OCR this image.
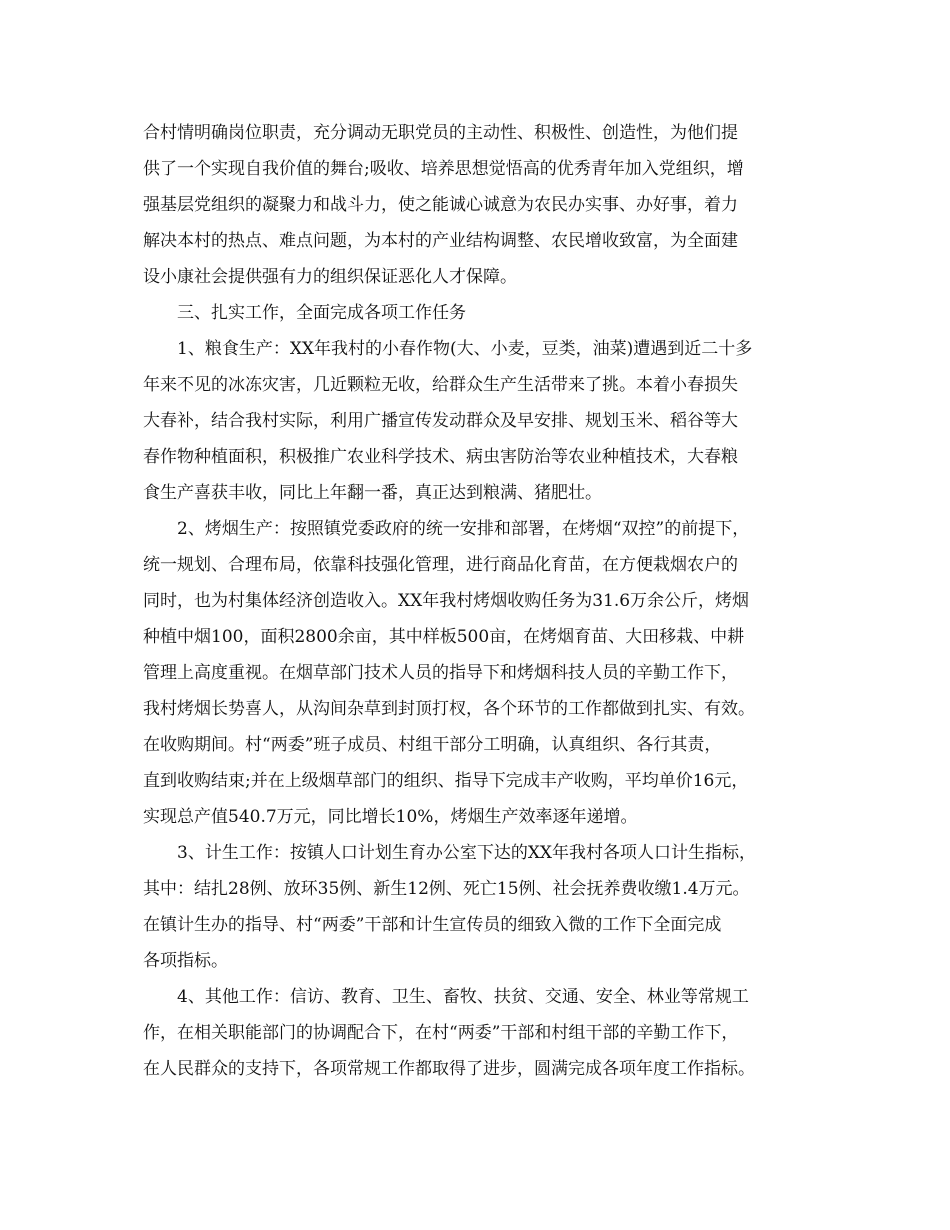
合村情明确岗位职责，充分调动无职党员的主动性、积极性、创造性，为他们提
供了一个实现自我价值的舞台;吸收、培养思想觉悟高的优秀青年加入党组织，增
强基层党组织的凝聚力和战斗力，使之能诚心诚意为农民办实事、办好事，着力
解决本村的热点、难点问题，为本村的产业结构调整、农民增收致富，为全面建
设小康社会提供强有力的组织保证恶化人才保障。
三、扎实工作，全面完成各项工作任务
1、粮食生产：XX年我村的小春作物(大、小麦，豆类，油菜)遭遇到近二十多
年来不见的冰冻灾害，几近颗粒无收，给群众生产生活带来了挑。本着小春损失
大春补，结合我村实际，利用广播宣传发动群众及早安排、规划玉米、稻谷等大
春作物种植面积，积极推广农业科学技术、病虫害防治等农业种植技术，大春粮
食生产喜获丰收，同比上年翻一番，真正达到粮满、猪肥壮。
2、烤烟生产：按照镇党委政府的统一安排和部署，在烤烟“双控”的前提下，
统一规划、合理布局，依靠科技强化管理，进行商品化育苗，在方便栽烟农户的
同时，也为村集体经济创造收入。XX年我村烤烟收购任务为31.6万余公斤，烤烟
种植中烟100，面积2800余亩，其中样板500亩，在烤烟育苗、大田移栽、中耕
管理上高度重视。在烟草部门技术人员的指导下和烤烟科技人员的辛勤工作下，
我村烤烟长势喜人，从沟间杂草到封顶打杈，各个环节的工作都做到扎实、有效。
在收购期间。村“两委”班子成员、村组干部分工明确，认真组织、各行其责，
直到收购结束;并在上级烟草部门的组织、指导下完成丰产收购，平均单价16元，
实现总产值540.7万元，同比增长10%，烤烟生产效率逐年递增。
3、计生工作：按镇人口计划生育办公室下达的XX年我村各项人口计生指标，
其中：结扎28例、放环35例、新生12例、死亡15例、社会抚养费收缴1.4万元。
在镇计生办的指导、村“两委”干部和计生宣传员的细致入微的工作下全面完成
各项指标。
4、其他工作：信访、教育、卫生、畜牧、扶贫、交通、安全、林业等常规工
作，在相关职能部门的协调配合下，在村“两委”干部和村组干部的辛勤工作下，
在人民群众的支持下，各项常规工作都取得了进步，圆满完成各项年度工作指标。
